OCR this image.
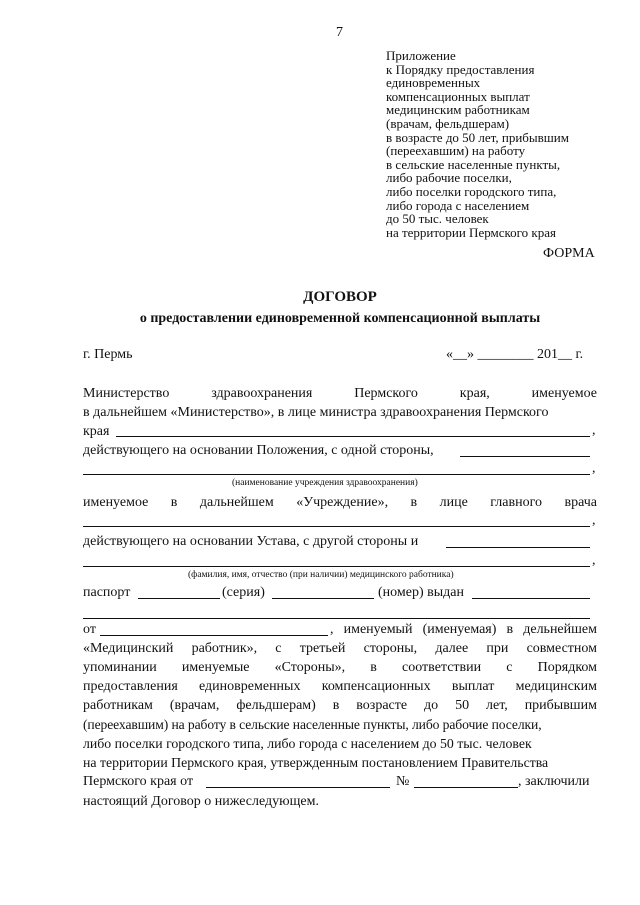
7
Приложение
к Порядку предоставления
единовременных
компенсационных выплат
медицинским работникам
(врачам, фельдшерам)
в возрасте до 50 лет, прибывшим
(переехавшим) на работу
в сельские населенные пункты,
либо рабочие поселки,
либо поселки городского типа,
либо города с населением
до 50 тыс. человек
на территории Пермского края
ФОРМА
ДОГОВОР
о предоставлении единовременной компенсационной выплаты
г. Пермь	«__» ________ 201__ г.
Министерство	здравоохранения	Пермского	края,	именуемое
в дальнейшем «Министерство», в лице министра здравоохранения Пермского
края	,
действующего на основании Положения, с одной стороны,
,
(наименование учреждения здравоохранения)
именуемое в дальнейшем «Учреждение», в лице главного врача
,
действующего на основании Устава, с другой стороны и
,
(фамилия, имя, отчество (при наличии) медицинского работника)
паспорт	(серия)	(номер) выдан
от	, именуемый (именуемая) в дельнейшем
«Медицинский работник», с третьей стороны, далее при совместном
упоминании именуемые «Стороны», в соответствии с Порядком
предоставления единовременных компенсационных выплат медицинским
работникам (врачам, фельдшерам) в возрасте до 50 лет, прибывшим
(переехавшим) на работу в сельские населенные пункты, либо рабочие поселки,
либо поселки городского типа, либо города с населением до 50 тыс. человек
на территории Пермского края, утвержденным постановлением Правительства
Пермского края от	№	, заключили
настоящий Договор о нижеследующем.
